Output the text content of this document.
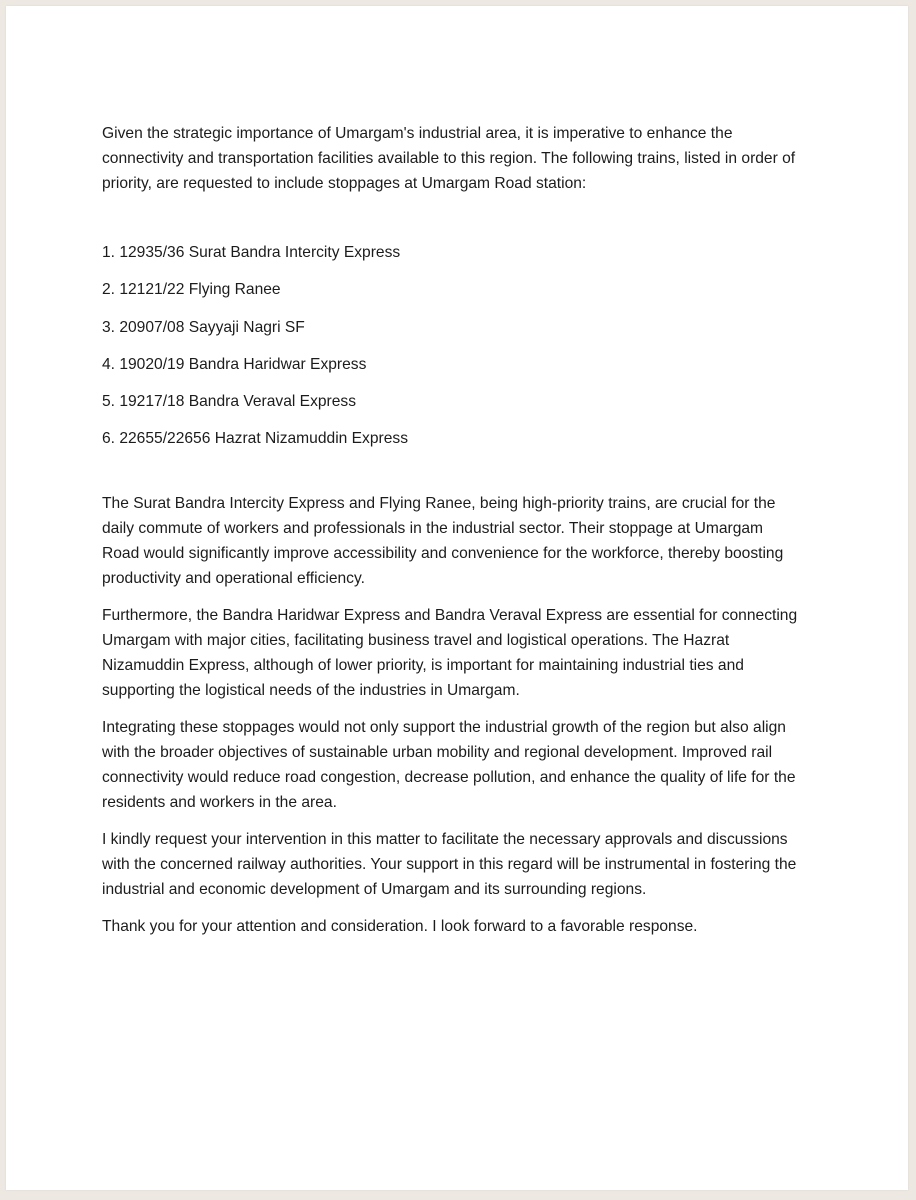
Given the strategic importance of Umargam's industrial area, it is imperative to enhance the connectivity and transportation facilities available to this region. The following trains, listed in order of priority, are requested to include stoppages at Umargam Road station:

1. 12935/36 Surat Bandra Intercity Express
2. 12121/22 Flying Ranee
3. 20907/08 Sayyaji Nagri SF
4. 19020/19 Bandra Haridwar Express
5. 19217/18 Bandra Veraval Express
6. 22655/22656 Hazrat Nizamuddin Express

The Surat Bandra Intercity Express and Flying Ranee, being high-priority trains, are crucial for the daily commute of workers and professionals in the industrial sector. Their stoppage at Umargam Road would significantly improve accessibility and convenience for the workforce, thereby boosting productivity and operational efficiency.

Furthermore, the Bandra Haridwar Express and Bandra Veraval Express are essential for connecting Umargam with major cities, facilitating business travel and logistical operations. The Hazrat Nizamuddin Express, although of lower priority, is important for maintaining industrial ties and supporting the logistical needs of the industries in Umargam.

Integrating these stoppages would not only support the industrial growth of the region but also align with the broader objectives of sustainable urban mobility and regional development. Improved rail connectivity would reduce road congestion, decrease pollution, and enhance the quality of life for the residents and workers in the area.

I kindly request your intervention in this matter to facilitate the necessary approvals and discussions with the concerned railway authorities. Your support in this regard will be instrumental in fostering the industrial and economic development of Umargam and its surrounding regions.

Thank you for your attention and consideration. I look forward to a favorable response.
